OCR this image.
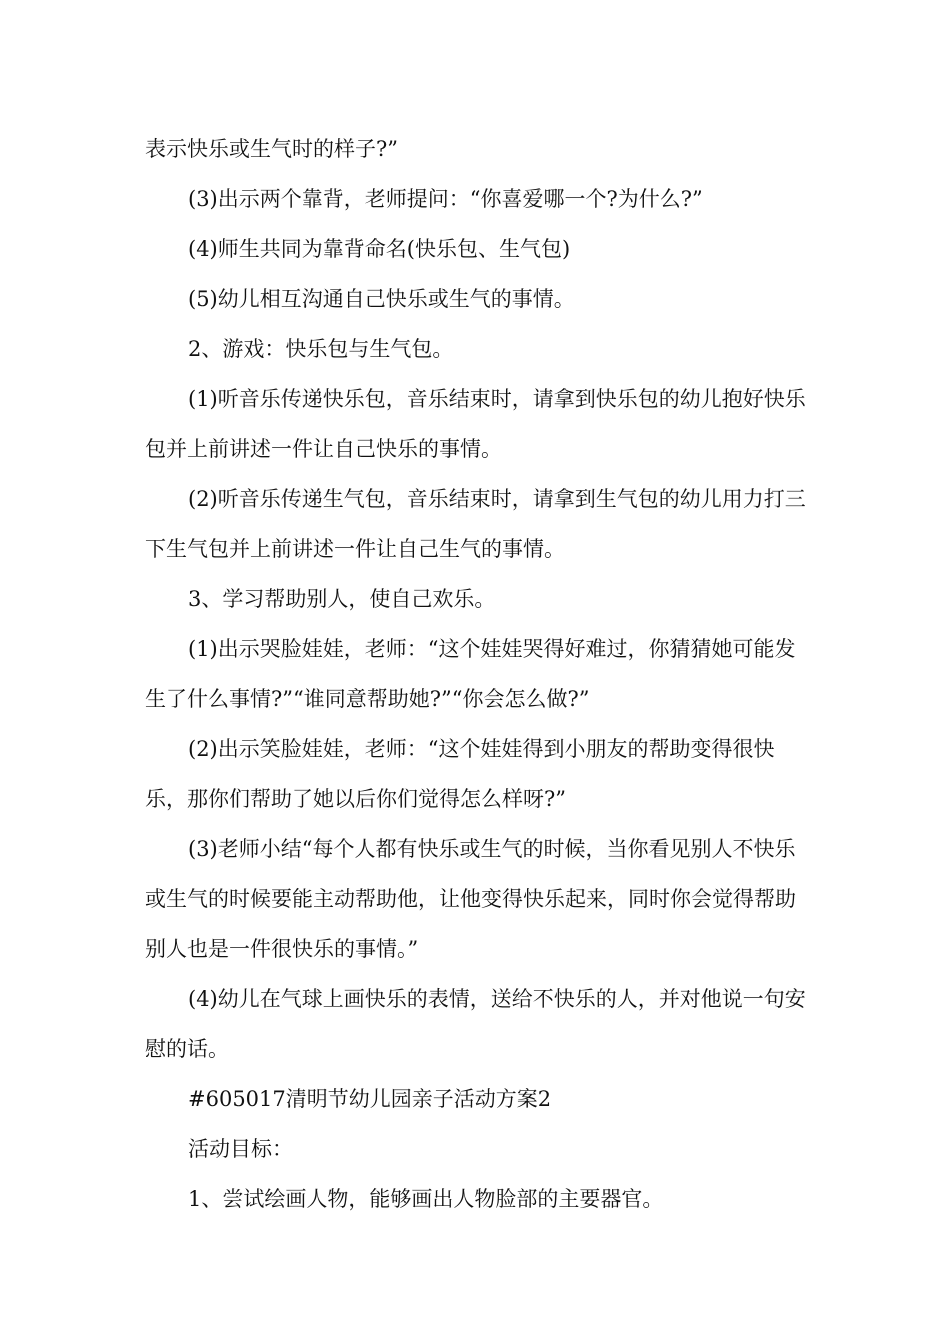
表示快乐或生气时的样子?”

(3)出示两个靠背，老师提问：“你喜爱哪一个?为什么?”

(4)师生共同为靠背命名(快乐包、生气包)

(5)幼儿相互沟通自己快乐或生气的事情。

2、游戏：快乐包与生气包。

(1)听音乐传递快乐包，音乐结束时，请拿到快乐包的幼儿抱好快乐包并上前讲述一件让自己快乐的事情。

(2)听音乐传递生气包，音乐结束时，请拿到生气包的幼儿用力打三下生气包并上前讲述一件让自己生气的事情。

3、学习帮助别人，使自己欢乐。

(1)出示哭脸娃娃，老师：“这个娃娃哭得好难过，你猜猜她可能发生了什么事情?”“谁同意帮助她?”“你会怎么做?”

(2)出示笑脸娃娃，老师：“这个娃娃得到小朋友的帮助变得很快乐，那你们帮助了她以后你们觉得怎么样呀?”

(3)老师小结“每个人都有快乐或生气的时候，当你看见别人不快乐或生气的时候要能主动帮助他，让他变得快乐起来，同时你会觉得帮助别人也是一件很快乐的事情。”

(4)幼儿在气球上画快乐的表情，送给不快乐的人，并对他说一句安慰的话。

#605017清明节幼儿园亲子活动方案2

活动目标：

1、尝试绘画人物，能够画出人物脸部的主要器官。
